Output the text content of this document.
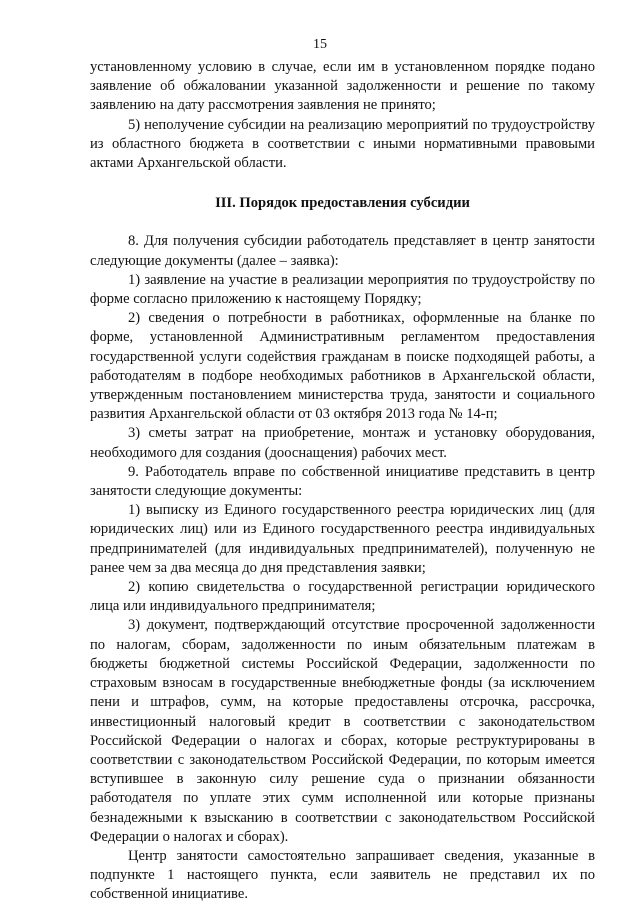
15

установленному условию в случае, если им в установленном порядке подано заявление об обжаловании указанной задолженности и решение по такому заявлению на дату рассмотрения заявления не принято;

5) неполучение субсидии на реализацию мероприятий по трудоустройству из областного бюджета в соответствии с иными нормативными правовыми актами Архангельской области.

III. Порядок предоставления субсидии

8. Для получения субсидии работодатель представляет в центр занятости следующие документы (далее – заявка):

1) заявление на участие в реализации мероприятия по трудоустройству по форме согласно приложению к настоящему Порядку;

2) сведения о потребности в работниках, оформленные на бланке по форме, установленной Административным регламентом предоставления государственной услуги содействия гражданам в поиске подходящей работы, а работодателям в подборе необходимых работников в Архангельской области, утвержденным постановлением министерства труда, занятости и социального развития Архангельской области от 03 октября 2013 года № 14-п;

3) сметы затрат на приобретение, монтаж и установку оборудования, необходимого для создания (дооснащения) рабочих мест.

9. Работодатель вправе по собственной инициативе представить в центр занятости следующие документы:

1) выписку из Единого государственного реестра юридических лиц (для юридических лиц) или из Единого государственного реестра индивидуальных предпринимателей (для индивидуальных предпринимателей), полученную не ранее чем за два месяца до дня представления заявки;

2) копию свидетельства о государственной регистрации юридического лица или индивидуального предпринимателя;

3) документ, подтверждающий отсутствие просроченной задолженности по налогам, сборам, задолженности по иным обязательным платежам в бюджеты бюджетной системы Российской Федерации, задолженности по страховым взносам в государственные внебюджетные фонды (за исключением пени и штрафов, сумм, на которые предоставлены отсрочка, рассрочка, инвестиционный налоговый кредит в соответствии с законодательством Российской Федерации о налогах и сборах, которые реструктурированы в соответствии с законодательством Российской Федерации, по которым имеется вступившее в законную силу решение суда о признании обязанности работодателя по уплате этих сумм исполненной или которые признаны безнадежными к взысканию в соответствии с законодательством Российской Федерации о налогах и сборах).

Центр занятости самостоятельно запрашивает сведения, указанные в подпункте 1 настоящего пункта, если заявитель не представил их по собственной инициативе.
